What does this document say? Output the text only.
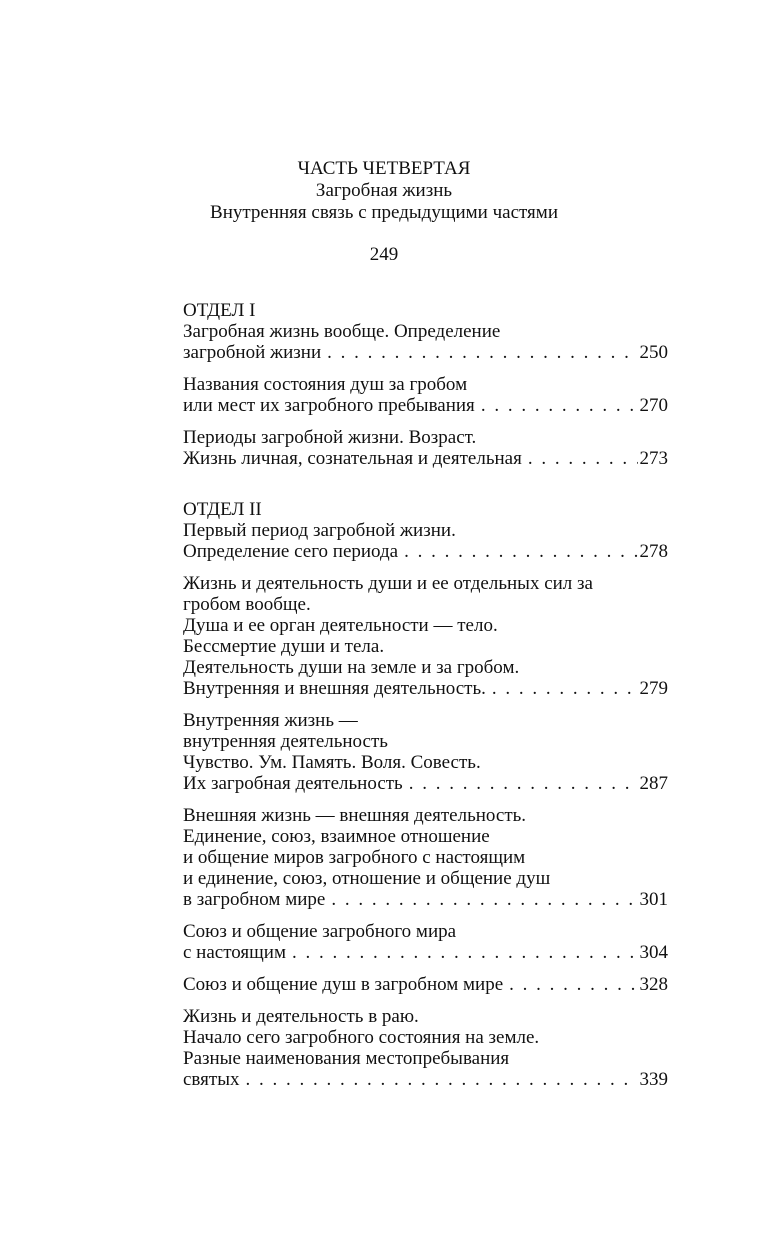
ЧАСТЬ ЧЕТВЕРТАЯ
Загробная жизнь
Внутренняя связь с предыдущими частями
249
ОТДЕЛ I
Загробная жизнь вообще. Определение
загробной жизни . . .	250
Названия состояния душ за гробом
или мест их загробного пребывания . . .	270
Периоды загробной жизни. Возраст.
Жизнь личная, сознательная и деятельная . . .	273
ОТДЕЛ II
Первый период загробной жизни.
Определение сего периода . . .	278
Жизнь и деятельность души и ее отдельных сил за
гробом вообще.
Душа и ее орган деятельности — тело.
Бессмертие души и тела.
Деятельность души на земле и за гробом.
Внутренняя и внешняя деятельность. . . .	279
Внутренняя жизнь —
внутренняя деятельность
Чувство. Ум. Память. Воля. Совесть.
Их загробная деятельность . . .	287
Внешняя жизнь — внешняя деятельность.
Единение, союз, взаимное отношение
и общение миров загробного с настоящим
и единение, союз, отношение и общение душ
в загробном мире . . .	301
Союз и общение загробного мира
с настоящим . . .	304
Союз и общение душ в загробном мире . . .	328
Жизнь и деятельность в раю.
Начало сего загробного состояния на земле.
Разные наименования местопребывания
святых . . .	339
